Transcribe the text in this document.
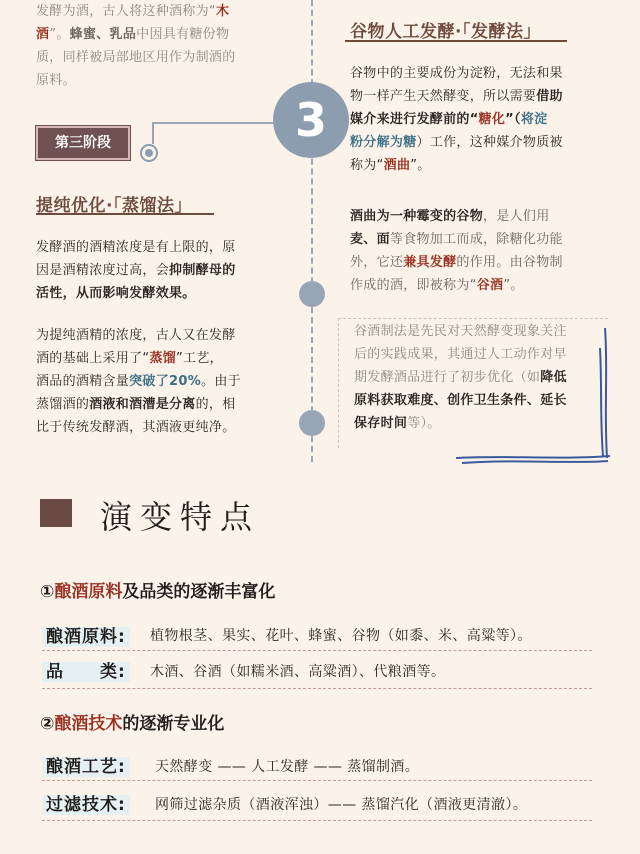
3
第三阶段
发酵为酒，古人将这种酒称为“木
酒”。蜂蜜、乳品中因具有糖份物
质，同样被局部地区用作为制酒的
原料。
谷物人工发酵·「发酵法」
谷物中的主要成份为淀粉，无法和果
物一样产生天然酵变，所以需要借助
媒介来进行发酵前的“糖化”（将淀
粉分解为糖）工作，这种媒介物质被
称为“酒曲”。
酒曲为一种霉变的谷物，是人们用
麦、面等食物加工而成，除糖化功能
外，它还兼具发酵的作用。由谷物制
作成的酒，即被称为“谷酒”。
谷酒制法是先民对天然酵变现象关注
后的实践成果，其通过人工动作对早
期发酵酒品进行了初步优化（如降低
原料获取难度、创作卫生条件、延长
保存时间等）。
提纯优化·「蒸馏法」
发酵酒的酒精浓度是有上限的，原
因是酒精浓度过高，会抑制酵母的
活性，从而影响发酵效果。
为提纯酒精的浓度，古人又在发酵
酒的基础上采用了“蒸馏”工艺，
酒品的酒精含量突破了20%。由于
蒸馏酒的酒液和酒漕是分离的，相
比于传统发酵酒，其酒液更纯净。
演变特点
①酿酒原料及品类的逐渐丰富化
酿酒原料: 植物根茎、果实、花叶、蜂蜜、谷物（如黍、米、高粱等）。
品　　类: 木酒、谷酒（如糯米酒、高粱酒）、代粮酒等。
②酿酒技术的逐渐专业化
酿酒工艺: 天然酵变 —— 人工发酵 —— 蒸馏制酒。
过滤技术: 网筛过滤杂质（酒液浑浊）—— 蒸馏汽化（酒液更清澈）。
